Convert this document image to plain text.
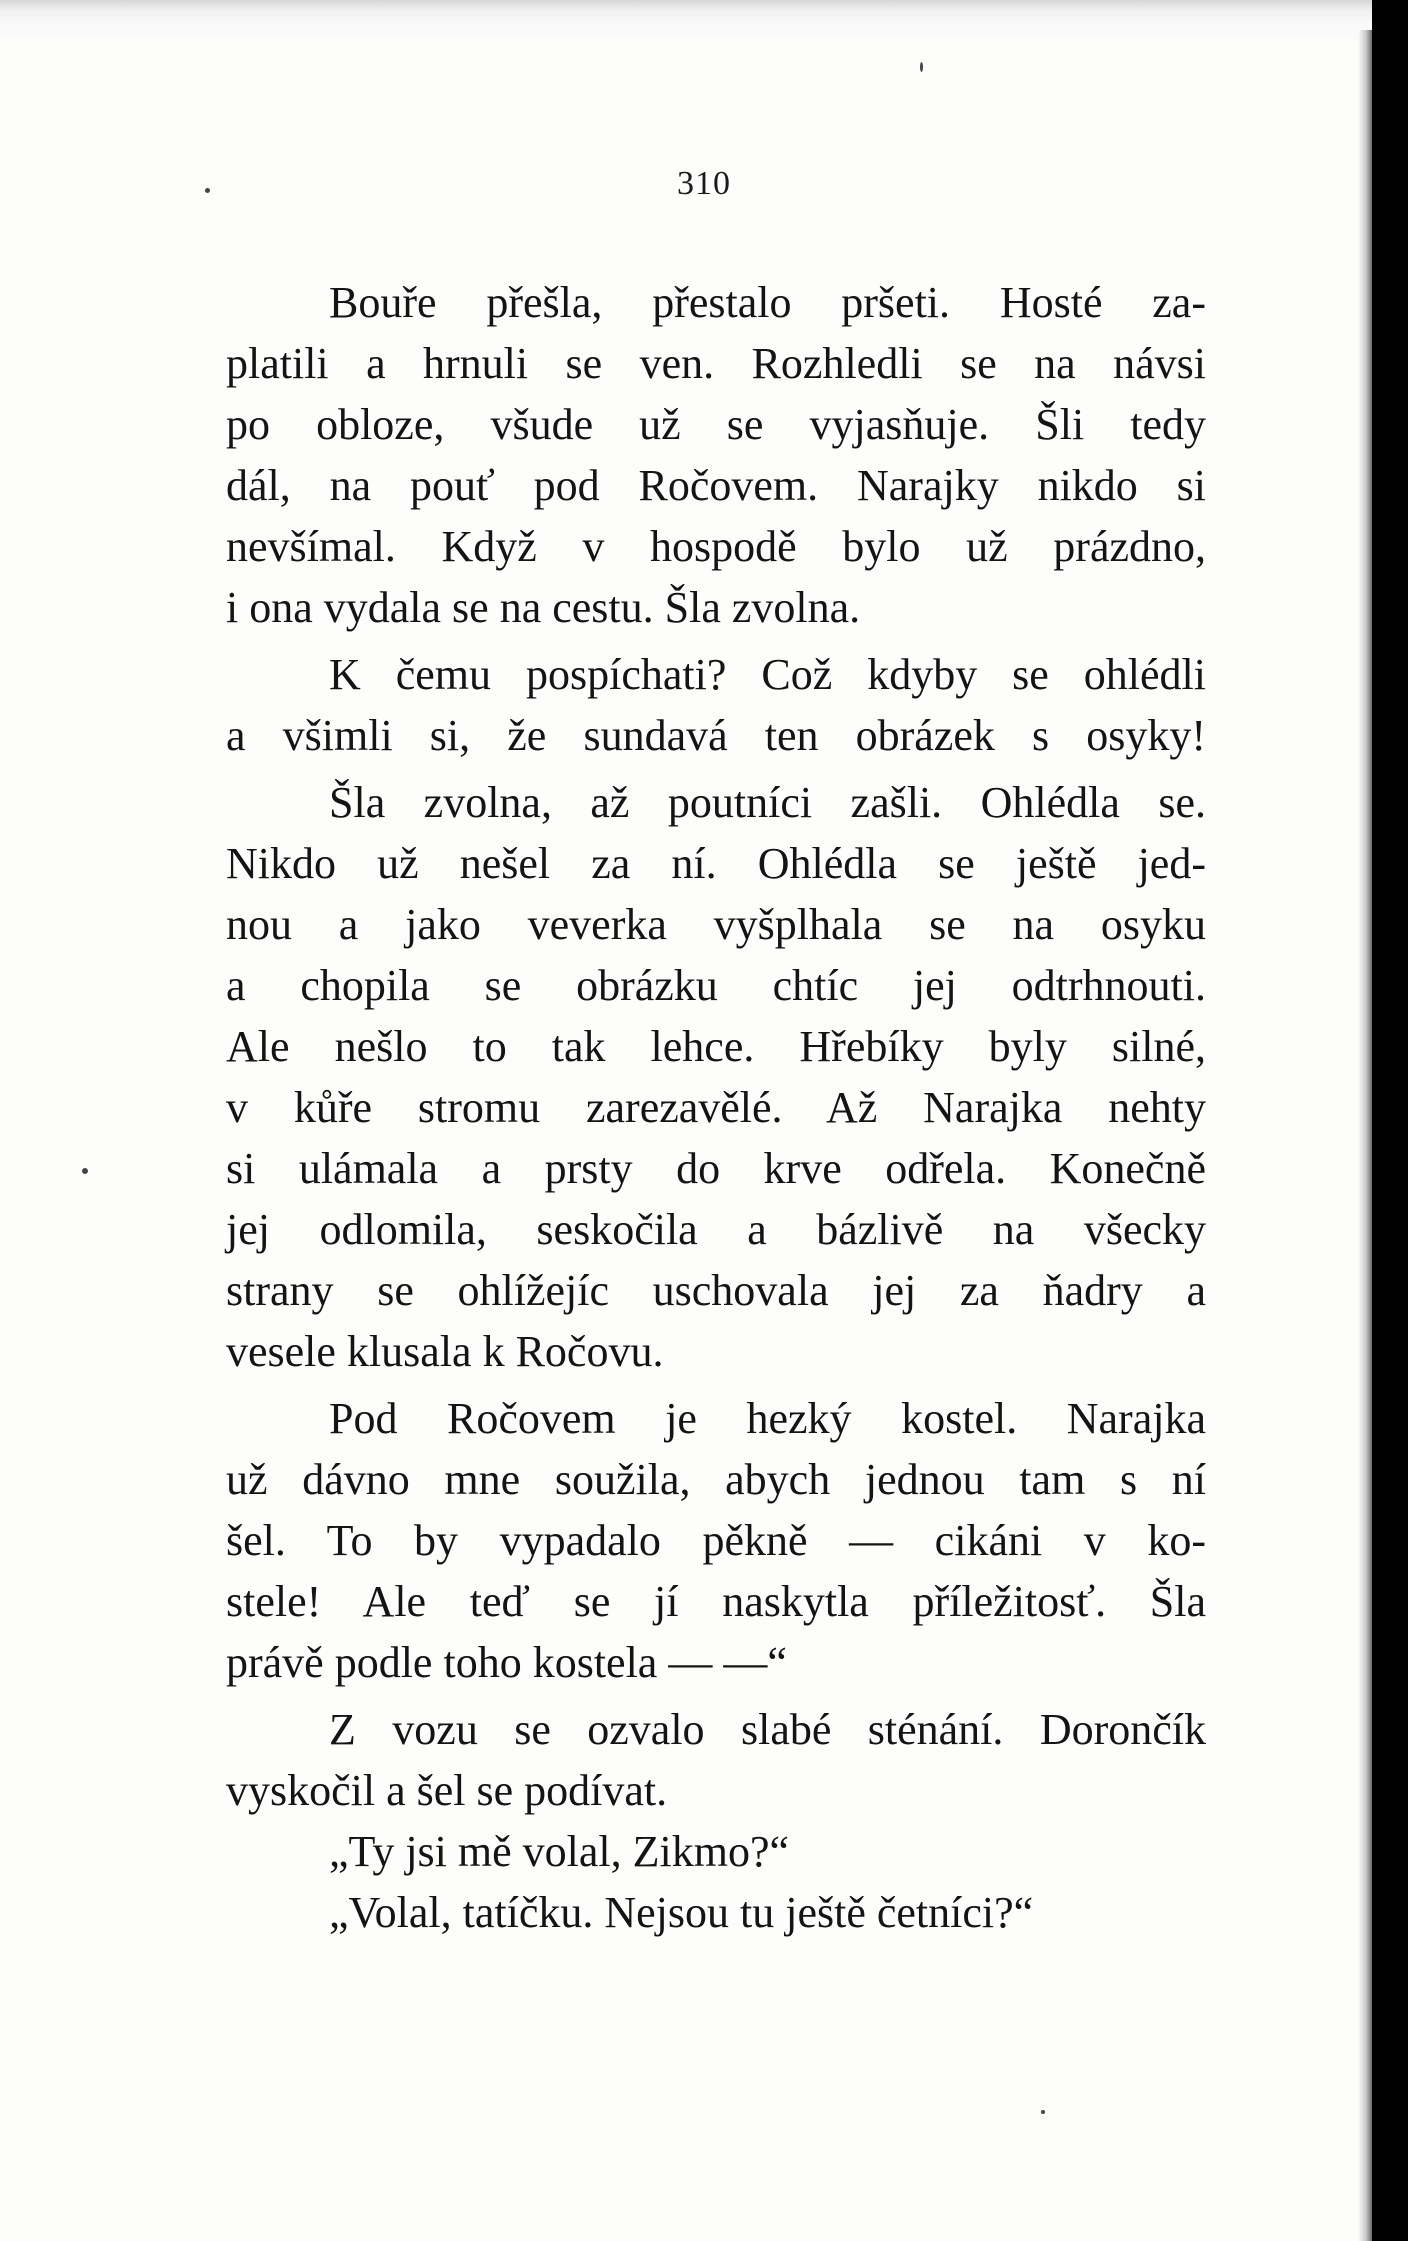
310
Bouře přešla, přestalo pršeti. Hosté za-
platili a hrnuli se ven. Rozhledli se na návsi
po obloze, všude už se vyjasňuje. Šli tedy
dál, na pouť pod Ročovem. Narajky nikdo si
nevšímal. Když v hospodě bylo už prázdno,
i ona vydala se na cestu. Šla zvolna.
K čemu pospíchati? Což kdyby se ohlédli
a všimli si, že sundavá ten obrázek s osyky!
Šla zvolna, až poutníci zašli. Ohlédla se.
Nikdo už nešel za ní. Ohlédla se ještě jed-
nou a jako veverka vyšplhala se na osyku
a chopila se obrázku chtíc jej odtrhnouti.
Ale nešlo to tak lehce. Hřebíky byly silné,
v kůře stromu zarezavělé. Až Narajka nehty
si ulámala a prsty do krve odřela. Konečně
jej odlomila, seskočila a bázlivě na všecky
strany se ohlížejíc uschovala jej za ňadry a
vesele klusala k Ročovu.
Pod Ročovem je hezký kostel. Narajka
už dávno mne soužila, abych jednou tam s ní
šel. To by vypadalo pěkně — cikáni v ko-
stele! Ale teď se jí naskytla příležitosť. Šla
právě podle toho kostela — —“
Z vozu se ozvalo slabé sténání. Dorončík
vyskočil a šel se podívat.
„Ty jsi mě volal, Zikmo?“
„Volal, tatíčku. Nejsou tu ještě četníci?“
